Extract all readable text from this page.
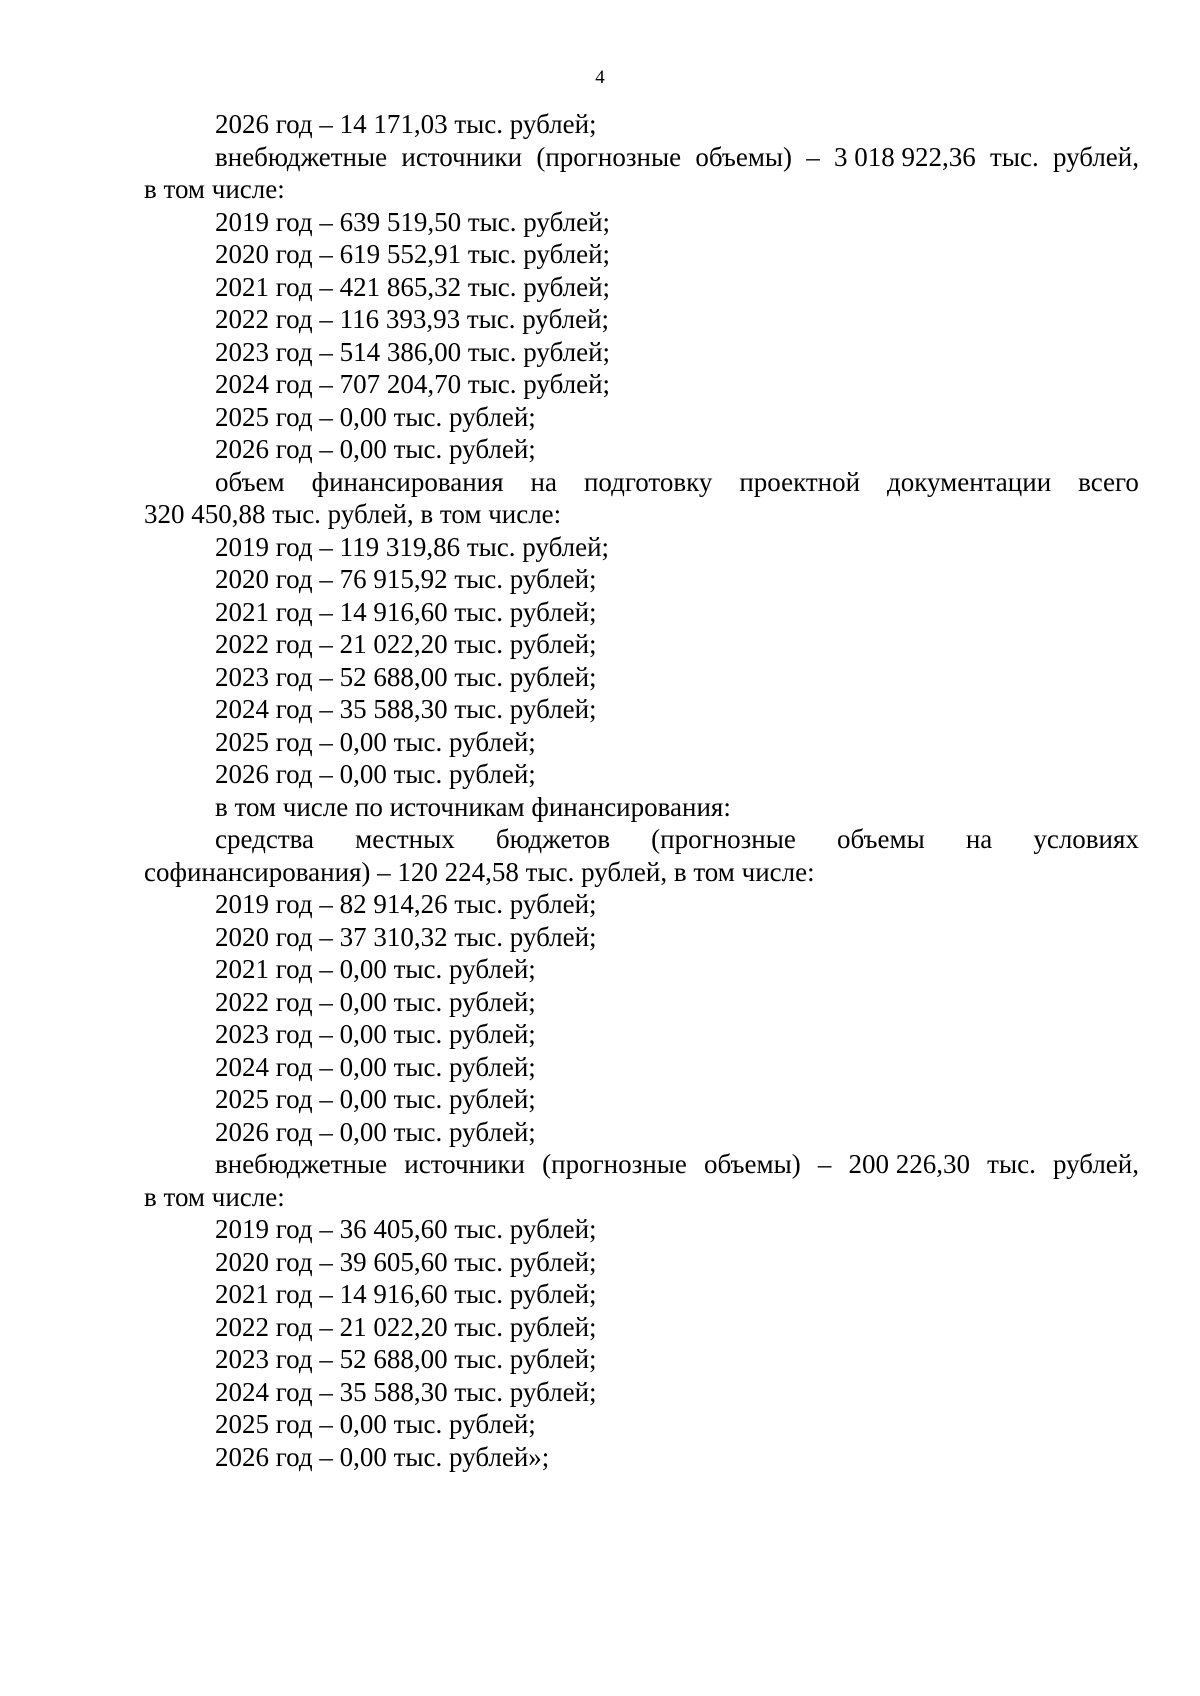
4
2026 год – 14 171,03 тыс. рублей;
внебюджетные источники (прогнозные объемы) – 3 018 922,36 тыс. рублей,
в том числе:
2019 год – 639 519,50 тыс. рублей;
2020 год – 619 552,91 тыс. рублей;
2021 год – 421 865,32 тыс. рублей;
2022 год – 116 393,93 тыс. рублей;
2023 год – 514 386,00 тыс. рублей;
2024 год – 707 204,70 тыс. рублей;
2025 год – 0,00 тыс. рублей;
2026 год – 0,00 тыс. рублей;
объем финансирования на подготовку проектной документации всего
320 450,88 тыс. рублей, в том числе:
2019 год – 119 319,86 тыс. рублей;
2020 год – 76 915,92 тыс. рублей;
2021 год – 14 916,60 тыс. рублей;
2022 год – 21 022,20 тыс. рублей;
2023 год – 52 688,00 тыс. рублей;
2024 год – 35 588,30 тыс. рублей;
2025 год – 0,00 тыс. рублей;
2026 год – 0,00 тыс. рублей;
в том числе по источникам финансирования:
средства местных бюджетов (прогнозные объемы на условиях
софинансирования) – 120 224,58 тыс. рублей, в том числе:
2019 год – 82 914,26 тыс. рублей;
2020 год – 37 310,32 тыс. рублей;
2021 год – 0,00 тыс. рублей;
2022 год – 0,00 тыс. рублей;
2023 год – 0,00 тыс. рублей;
2024 год – 0,00 тыс. рублей;
2025 год – 0,00 тыс. рублей;
2026 год – 0,00 тыс. рублей;
внебюджетные источники (прогнозные объемы) – 200 226,30 тыс. рублей,
в том числе:
2019 год – 36 405,60 тыс. рублей;
2020 год – 39 605,60 тыс. рублей;
2021 год – 14 916,60 тыс. рублей;
2022 год – 21 022,20 тыс. рублей;
2023 год – 52 688,00 тыс. рублей;
2024 год – 35 588,30 тыс. рублей;
2025 год – 0,00 тыс. рублей;
2026 год – 0,00 тыс. рублей»;
